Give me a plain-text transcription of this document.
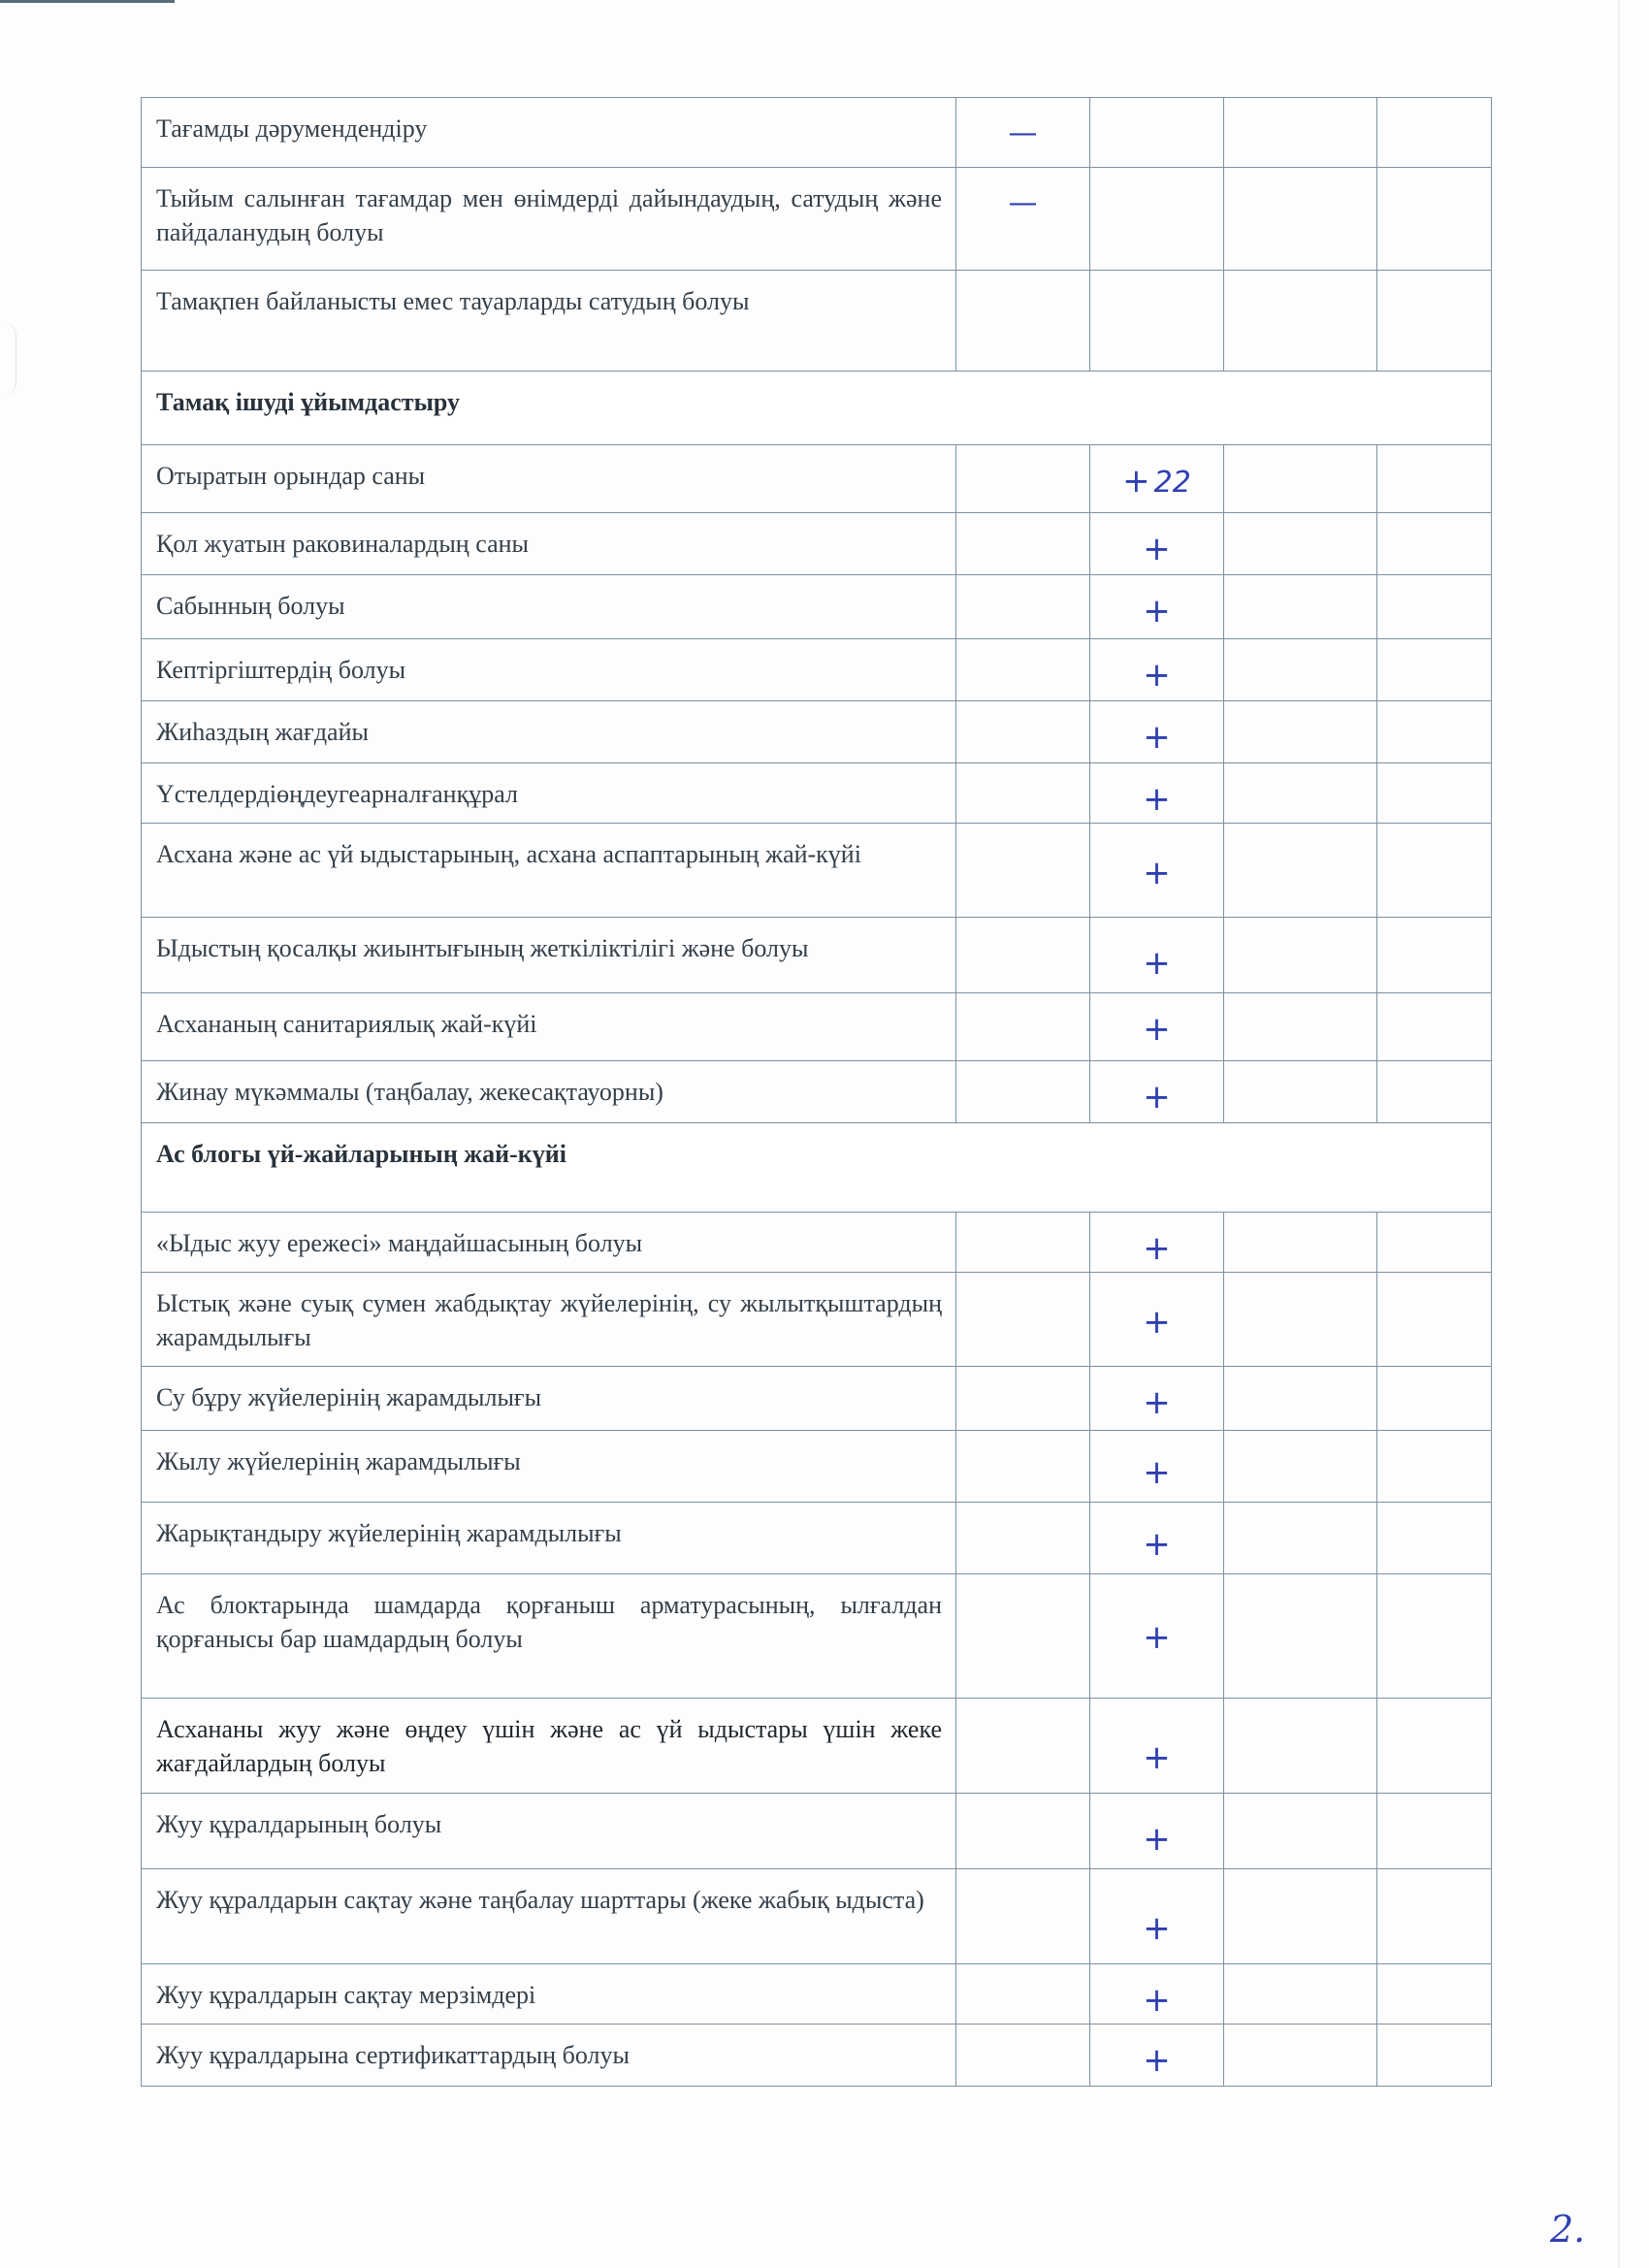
Тағамды дәрумендендіру	—			

Тыйым салынған тағамдар мен өнімдерді дайындаудың, сатудың және пайдаланудың болуы	—			

Тамақпен байланысты емес тауарларды сатудың болуы				

Тамақ ішуді ұйымдастыру				

Отыратын орындар саны		+ 22		

Қол жуатын раковиналардың саны		+		

Сабынның болуы		+		

Кептіргіштердің болуы		+		

Жиһаздың жағдайы		+		

Үстелдердіөңдеугеарналғанқұрал		+		

Асхана және ас үй ыдыстарының, асхана аспаптарының жай-күйі		+		

Ыдыстың қосалқы жиынтығының жеткіліктілігі және болуы		+		

Асхананың санитариялық жай-күйі		+		

Жинау мүкәммалы (таңбалау, жекесақтауорны)		+		

Ас блогы үй-жайларының жай-күйі				

«Ыдыс жуу ережесі» маңдайшасының болуы		+		

Ыстық және суық сумен жабдықтау жүйелерінің, су жылытқыштардың жарамдылығы		+		

Су бұру жүйелерінің жарамдылығы		+		

Жылу жүйелерінің жарамдылығы		+		

Жарықтандыру жүйелерінің жарамдылығы		+		

Ас блоктарында шамдарда қорғаныш арматурасының, ылғалдан қорғанысы бар шамдардың болуы		+		

Асхананы жуу және өңдеу үшін және ас үй ыдыстары үшін жеке жағдайлардың болуы		+		

Жуу құралдарының болуы		+		

Жуу құралдарын сақтау және таңбалау шарттары (жеке жабық ыдыста)		+		

Жуу құралдарын сақтау мерзімдері		+		

Жуу құралдарына сертификаттардың болуы		+		

2.
